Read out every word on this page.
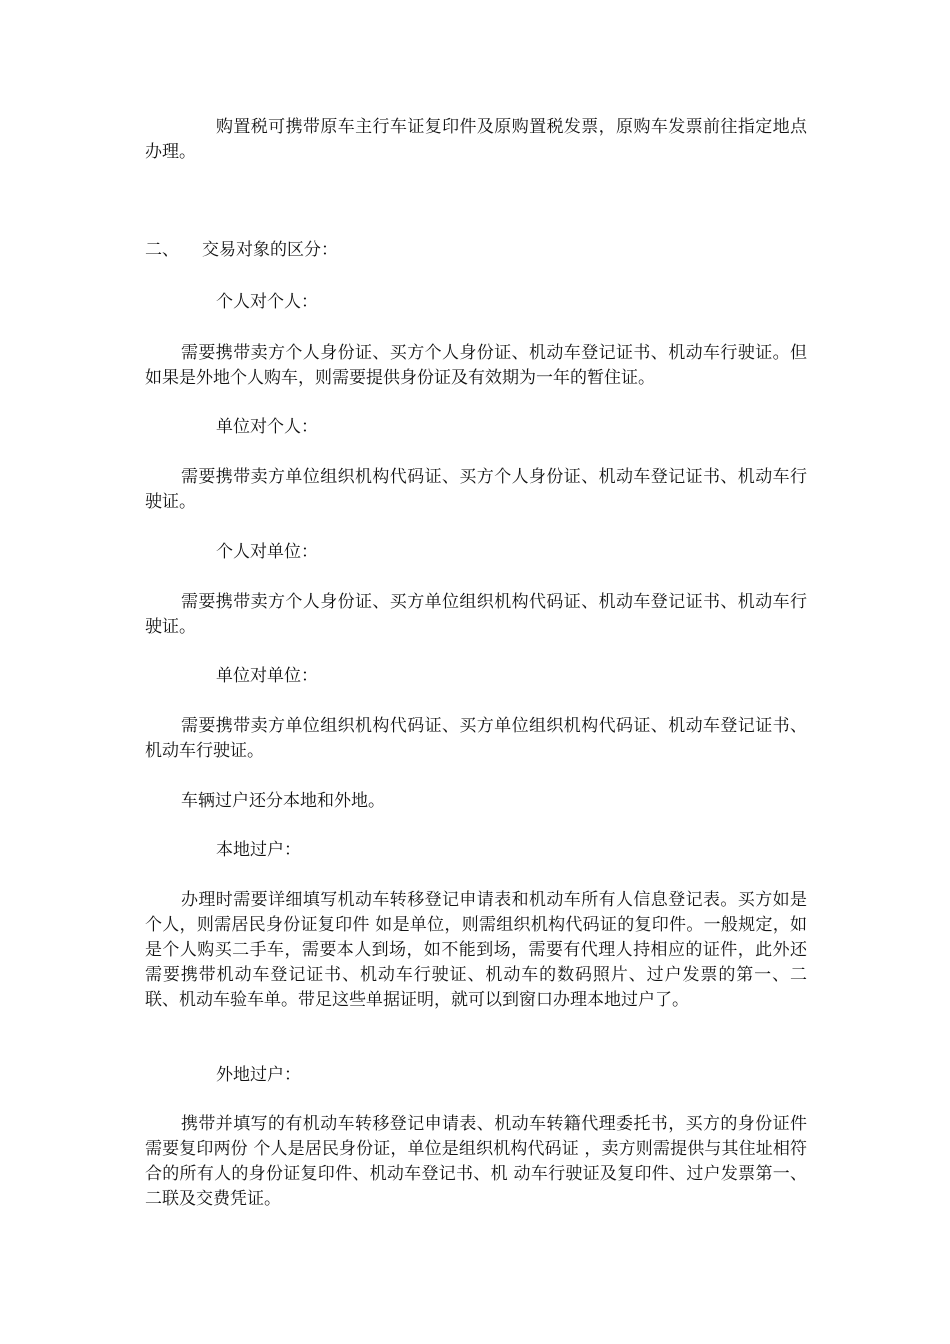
购置税可携带原车主行车证复印件及原购置税发票，原购车发票前往指定地点办理。

二、 交易对象的区分：

个人对个人：

需要携带卖方个人身份证、买方个人身份证、机动车登记证书、机动车行驶证。但如果是外地个人购车，则需要提供身份证及有效期为一年的暂住证。

单位对个人：

需要携带卖方单位组织机构代码证、买方个人身份证、机动车登记证书、机动车行驶证。

个人对单位：

需要携带卖方个人身份证、买方单位组织机构代码证、机动车登记证书、机动车行驶证。

单位对单位：

需要携带卖方单位组织机构代码证、买方单位组织机构代码证、机动车登记证书、机动车行驶证。

车辆过户还分本地和外地。

本地过户：

办理时需要详细填写机动车转移登记申请表和机动车所有人信息登记表。买方如是个人，则需居民身份证复印件 如是单位，则需组织机构代码证的复印件。一般规定，如是个人购买二手车，需要本人到场，如不能到场，需要有代理人持相应的证件，此外还需要携带机动车登记证书、机动车行驶证、机动车的数码照片、过户发票的第一、二联、机动车验车单。带足这些单据证明，就可以到窗口办理本地过户了。

外地过户：

携带并填写的有机动车转移登记申请表、机动车转籍代理委托书，买方的身份证件需要复印两份 个人是居民身份证，单位是组织机构代码证 ，卖方则需提供与其住址相符合的所有人的身份证复印件、机动车登记书、机 动车行驶证及复印件、过户发票第一、二联及交费凭证。
